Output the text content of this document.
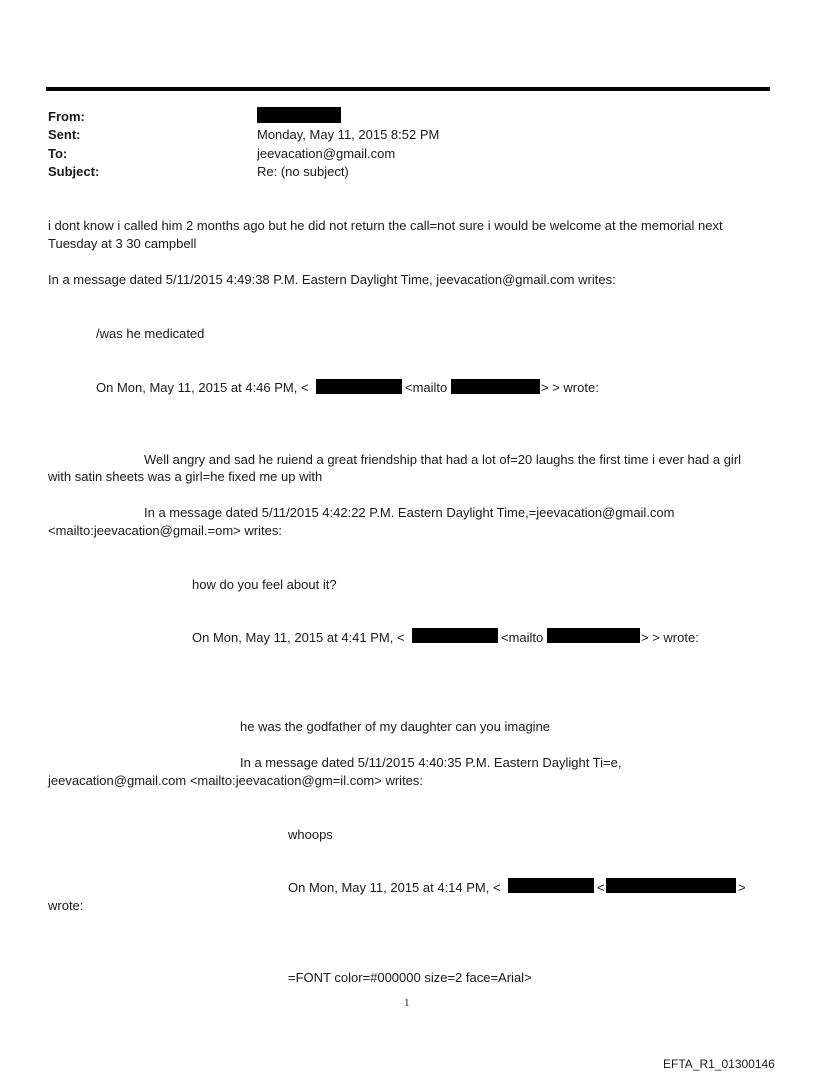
From:
Sent:	Monday, May 11, 2015 8:52 PM
To:	jeevacation@gmail.com
Subject:	Re: (no subject)
i dont know i called him 2 months ago but he did not return the call=not sure i would be welcome at the memorial next
Tuesday at 3 30 campbell
In a message dated 5/11/2015 4:49:38 P.M. Eastern Daylight Time, jeevacation@gmail.com writes:
/was he medicated
On Mon, May 11, 2015 at 4:46 PM, <	<mailto	> > wrote:
Well angry and sad he ruiend a great friendship that had a lot of=20 laughs the first time i ever had a girl
with satin sheets was a girl=he fixed me up with
In a message dated 5/11/2015 4:42:22 P.M. Eastern Daylight Time,=jeevacation@gmail.com
<mailto:jeevacation@gmail.=om> writes:
how do you feel about it?
On Mon, May 11, 2015 at 4:41 PM, <	<mailto	> > wrote:
he was the godfather of my daughter can you imagine
In a message dated 5/11/2015 4:40:35 P.M. Eastern Daylight Ti=e,
jeevacation@gmail.com <mailto:jeevacation@gm=il.com> writes:
whoops
On Mon, May 11, 2015 at 4:14 PM, <	<	>
wrote:
=FONT color=#000000 size=2 face=Arial>
1
EFTA_R1_01300146
